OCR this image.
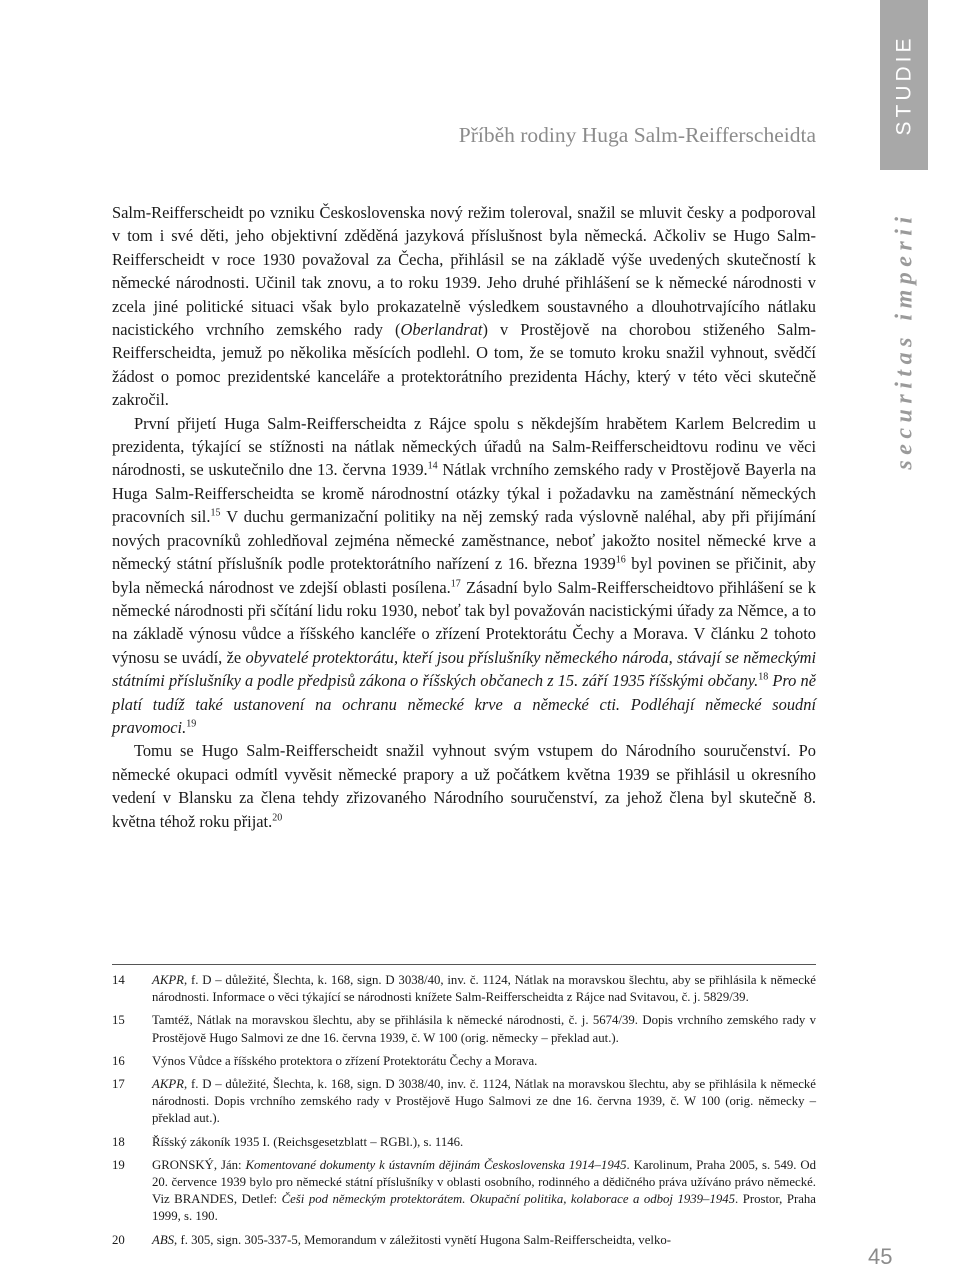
STUDIE
securitas imperii
Příběh rodiny Huga Salm-Reifferscheidta

Salm-Reifferscheidt po vzniku Československa nový režim toleroval, snažil se mluvit česky a podporoval v tom i své děti, jeho objektivní zděděná jazyková příslušnost byla německá. Ačkoliv se Hugo Salm-Reifferscheidt v roce 1930 považoval za Čecha, přihlásil se na základě výše uvedených skutečností k německé národnosti. Učinil tak znovu, a to roku 1939. Jeho druhé přihlášení se k německé národnosti v zcela jiné politické situaci však bylo prokazatelně výsledkem soustavného a dlouhotrvajícího nátlaku nacistického vrchního zemského rady (Oberlandrat) v Prostějově na chorobou stiženého Salm-Reifferscheidta, jemuž po několika měsících podlehl. O tom, že se tomuto kroku snažil vyhnout, svědčí žádost o pomoc prezidentské kanceláře a protektorátního prezidenta Háchy, který v této věci skutečně zakročil.

První přijetí Huga Salm-Reifferscheidta z Rájce spolu s někdejším hrabětem Karlem Belcredim u prezidenta, týkající se stížnosti na nátlak německých úřadů na Salm-Reifferscheidtovu rodinu ve věci národnosti, se uskutečnilo dne 13. června 1939.14 Nátlak vrchního zemského rady v Prostějově Bayerla na Huga Salm-Reifferscheidta se kromě národnostní otázky týkal i požadavku na zaměstnání německých pracovních sil.$^{15}$ V duchu germanizační politiky na něj zemský rada výslovně naléhal, aby při přijímání nových pracovníků zohledňoval zejména německé zaměstnance, neboť jakožto nositel německé krve a německý státní příslušník podle protektorátního nařízení z 16. března 1939$^{16}$ byl povinen se přičinit, aby byla německá národnost ve zdejší oblasti posílena.$^{17}$ Zásadní bylo Salm-Reifferscheidtovo přihlášení se k německé národnosti při sčítání lidu roku 1930, neboť tak byl považován nacistickými úřady za Němce, a to na základě výnosu vůdce a říšského kancléře o zřízení Protektorátu Čechy a Morava. V článku 2 tohoto výnosu se uvádí, že obyvatelé protektorátu, kteří jsou příslušníky německého národa, stávají se německými státními příslušníky a podle předpisů zákona o říšských občanech z 15. září 1935 říšskými občany.$^{18}$ Pro ně platí tudíž také ustanovení na ochranu německé krve a německé cti. Podléhají německé soudní pravomoci.$^{19}$

Tomu se Hugo Salm-Reifferscheidt snažil vyhnout svým vstupem do Národního souručenství. Po německé okupaci odmítl vyvěsit německé prapory a už počátkem května 1939 se přihlásil u okresního vedení v Blansku za člena tehdy zřizovaného Národního souručenství, za jehož člena byl skutečně 8. května téhož roku přijat.$^{20}$

14	AKPR, f. D – důležité, Šlechta, k. 168, sign. D 3038/40, inv. č. 1124, Nátlak na moravskou šlechtu, aby se přihlásila k německé národnosti. Informace o věci týkající se národnosti knížete Salm-Reifferscheidta z Rájce nad Svitavou, č. j. 5829/39.
15	Tamtéž, Nátlak na moravskou šlechtu, aby se přihlásila k německé národnosti, č. j. 5674/39. Dopis vrchního zemského rady v Prostějově Hugo Salmovi ze dne 16. června 1939, č. W 100 (orig. německy – překlad aut.).
16	Výnos Vůdce a říšského protektora o zřízení Protektorátu Čechy a Morava.
17	AKPR, f. D – důležité, Šlechta, k. 168, sign. D 3038/40, inv. č. 1124, Nátlak na moravskou šlechtu, aby se přihlásila k německé národnosti. Dopis vrchního zemského rady v Prostějově Hugo Salmovi ze dne 16. června 1939, č. W 100 (orig. německy – překlad aut.).
18	Říšský zákoník 1935 I. (Reichsgesetzblatt – RGBl.), s. 1146.
19	GRONSKÝ, Ján: Komentované dokumenty k ústavním dějinám Československa 1914–1945. Karolinum, Praha 2005, s. 549. Od 20. července 1939 bylo pro německé státní příslušníky v oblasti osobního, rodinného a dědičného práva užíváno právo německé. Viz BRANDES, Detlef: Češi pod německým protektorátem. Okupační politika, kolaborace a odboj 1939–1945. Prostor, Praha 1999, s. 190.
20	ABS, f. 305, sign. 305-337-5, Memorandum v záležitosti vynětí Hugona Salm-Reifferscheidta, velko-
45
